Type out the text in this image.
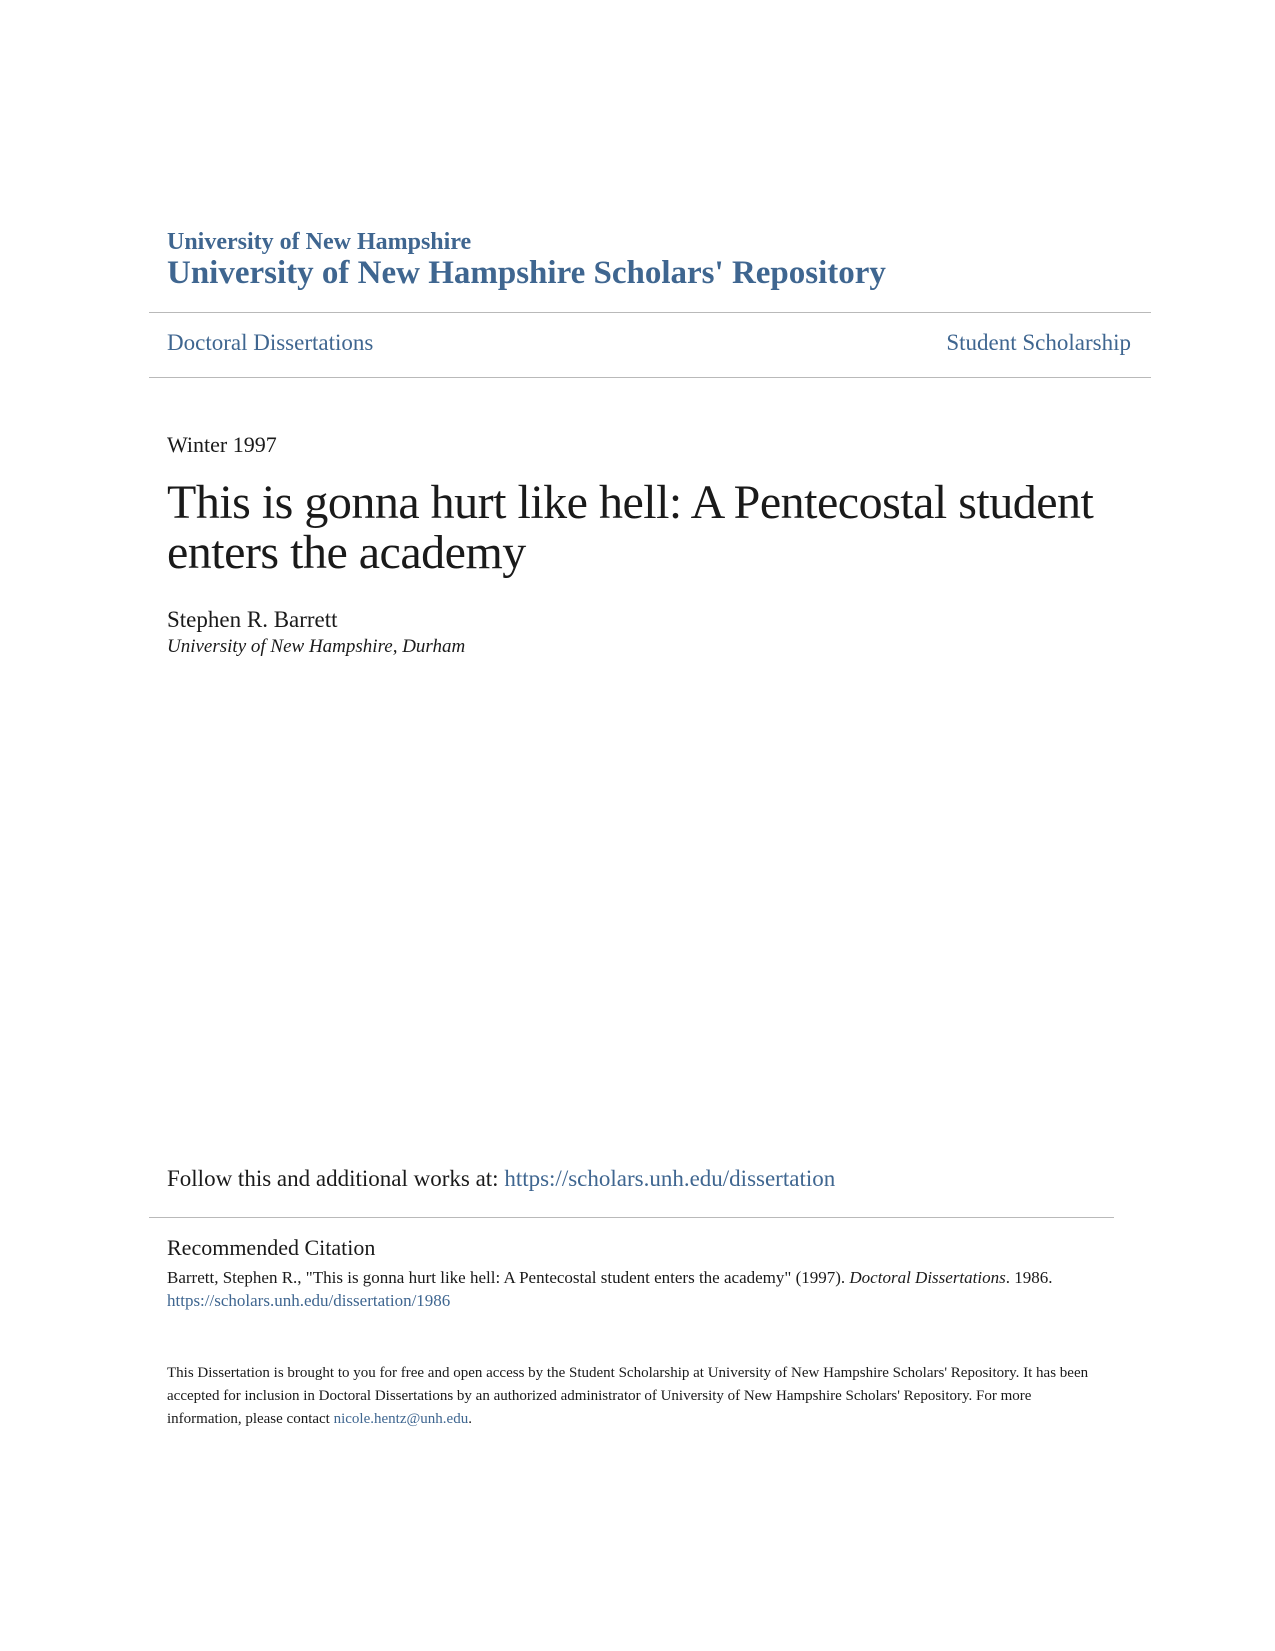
University of New Hampshire
University of New Hampshire Scholars' Repository
Doctoral Dissertations	Student Scholarship
Winter 1997
This is gonna hurt like hell: A Pentecostal student enters the academy
Stephen R. Barrett
University of New Hampshire, Durham
Follow this and additional works at: https://scholars.unh.edu/dissertation
Recommended Citation
Barrett, Stephen R., "This is gonna hurt like hell: A Pentecostal student enters the academy" (1997). Doctoral Dissertations. 1986.
https://scholars.unh.edu/dissertation/1986
This Dissertation is brought to you for free and open access by the Student Scholarship at University of New Hampshire Scholars' Repository. It has been accepted for inclusion in Doctoral Dissertations by an authorized administrator of University of New Hampshire Scholars' Repository. For more information, please contact nicole.hentz@unh.edu.
